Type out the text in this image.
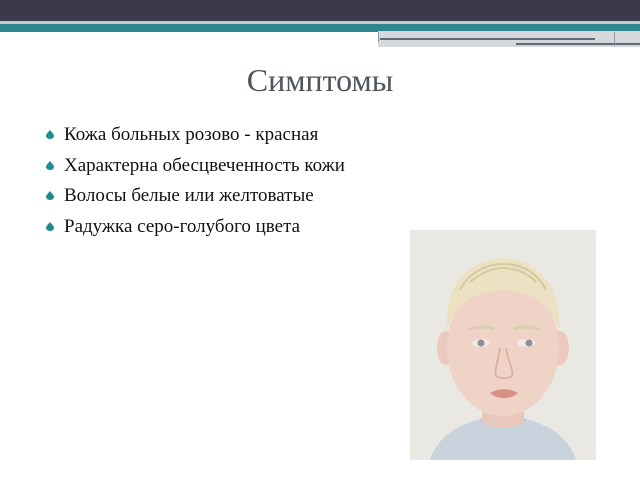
Симптомы
Кожа больных розово - красная
Характерна обесцвеченность кожи
Волосы белые или желтоватые
Радужка серо-голубого цвета
